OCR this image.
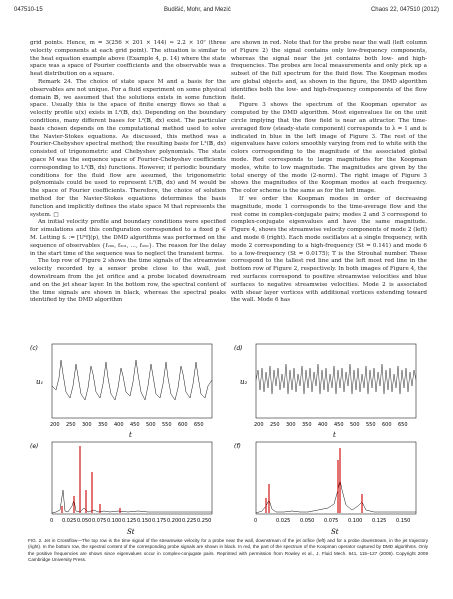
047510-15	Budišić, Mohr, and Mezić	Chaos 22, 047510 (2012)

grid points. Hence, m = 3(256 × 201 × 144) ≈ 2.2 × 10⁷ (three velocity components at each grid point). The situation is similar to the heat equation example above (Example 4, p. 14) where the state space was a space of Fourier coefficients and the observable was a heat distribution on a square.

Remark 24. The choice of state space M and a basis for the observables are not unique. For a fluid experiment on some physical domain 𝔹, we assumed that the solutions exists in some function space. Usually this is the space of finite energy flows so that a velocity profile u(x) exists in L²(𝔹, dx). Depending on the boundary conditions, many different bases for L²(𝔹, dx) exist. The particular basis chosen depends on the computational method used to solve the Navier-Stokes equations. As discussed, this method was a Fourier-Chebyshev spectral method; the resulting basis for L²(𝔹, dx) consisted of trigonometric and Chebyshev polynomials. The state space M was the sequence space of Fourier-Chebyshev coefficients corresponding to L²(𝔹, dx) functions. However, if periodic boundary conditions for the fluid flow are assumed, the trigonometric polynomials could be used to represent L²(𝔹, dx) and M would be the space of Fourier coefficients. Therefore, the choice of solution method for the Navier-Stokes equations determines the basis function and implicitly defines the state space M that represents the system. □

An initial velocity profile and boundary conditions were specified for simulations and this configuration corresponded to a fixed p ∈ M. Letting fₖ := [Uᵏf](p), the DMD algorithms was performed on the sequence of observables {f₂₀₀, f₂₀₁, ..., f₃₅₀}. The reason for the delay in the start time of the sequence was to neglect the transient terms.

The top row of Figure 2 shows the time signals of the streamwise velocity recorded by a sensor probe close to the wall, just downstream from the jet orifice and a probe located downstream and on the jet shear layer. In the bottom row, the spectral content of the time signals are shown in black, whereas the spectral peaks identified by the DMD algorithm

are shown in red. Note that for the probe near the wall (left column of Figure 2) the signal contains only low-frequency components, whereas the signal near the jet contains both low- and high-frequencies. The probes are local measurements and only pick up a subset of the full spectrum for the fluid flow. The Koopman modes are global objects and, as shown in the figure, the DMD algorithm identifies both the low- and high-frequency components of the flow field.

Figure 3 shows the spectrum of the Koopman operator as computed by the DMD algorithm. Most eigenvalues lie on the unit circle implying that the flow field is near an attractor. The time-averaged flow (steady-state component) corresponds to λ = 1 and is indicated in blue in the left image of Figure 3. The rest of the eigenvalues have colors smoothly varying from red to white with the colors corresponding to the magnitude of the associated global mode. Red corresponds to large magnitudes for the Koopman modes, white to low magnitude. The magnitudes are given by the total energy of the mode (2-norm). The right image of Figure 3 shows the magnitudes of the Koopman modes at each frequency. The color scheme is the same as for the left image.

If we order the Koopman modes in order of decreasing magnitude, mode 1 corresponds to the time-average flow and the rest come in complex-conjugate pairs; modes 2 and 3 correspond to complex-conjugate eigenvalues and have the same magnitude. Figure 4, shows the streamwise velocity components of mode 2 (left) and mode 6 (right). Each mode oscillates at a single frequency, with mode 2 corresponding to a high-frequency (St = 0.141) and mode 6 to a low-frequency (St = 0.0175); T is the Strouhal number. These correspond to the tallest red line and the left most red line in the bottom row of Figure 2, respectively. In both images of Figure 4, the red surfaces correspond to positive streamwise velocities and blue surfaces to negative streamwise velocities. Mode 2 is associated with shear layer vortices with additional vortices extending toward the wall. Mode 6 has

(c)
u₁
(d)
u₂
200 250 300 350 400 450 500 550 600 650
t
200 250 300 350 400 450 500 550 600 650
t
(e)
0 0.025 0.050 0.075 0.100 0.125 0.150 0.175 0.200 0.225 0.250
St
(f)
0	0.025 0.050 0.075 0.100 0.125 0.150
St
FIG. 2. Jet in Crossflow—The top row is the time signal of the streamwise velocity for a probe near the wall, downstream of the jet orifice (left) and for a probe downstream, in the jet trajectory (right). In the bottom row, the spectral content of the corresponding probe signals are shown in black. In red, the part of the spectrum of the Koopman operator captured by DMD algorithms. Only the positive frequencies are shown since eigenvalues occur in complex-conjugate pairs. Reprinted with permission from Rowley et al., J. Fluid Mech. 641, 115–127 (2009). Copyright 2009 Cambridge University Press.
